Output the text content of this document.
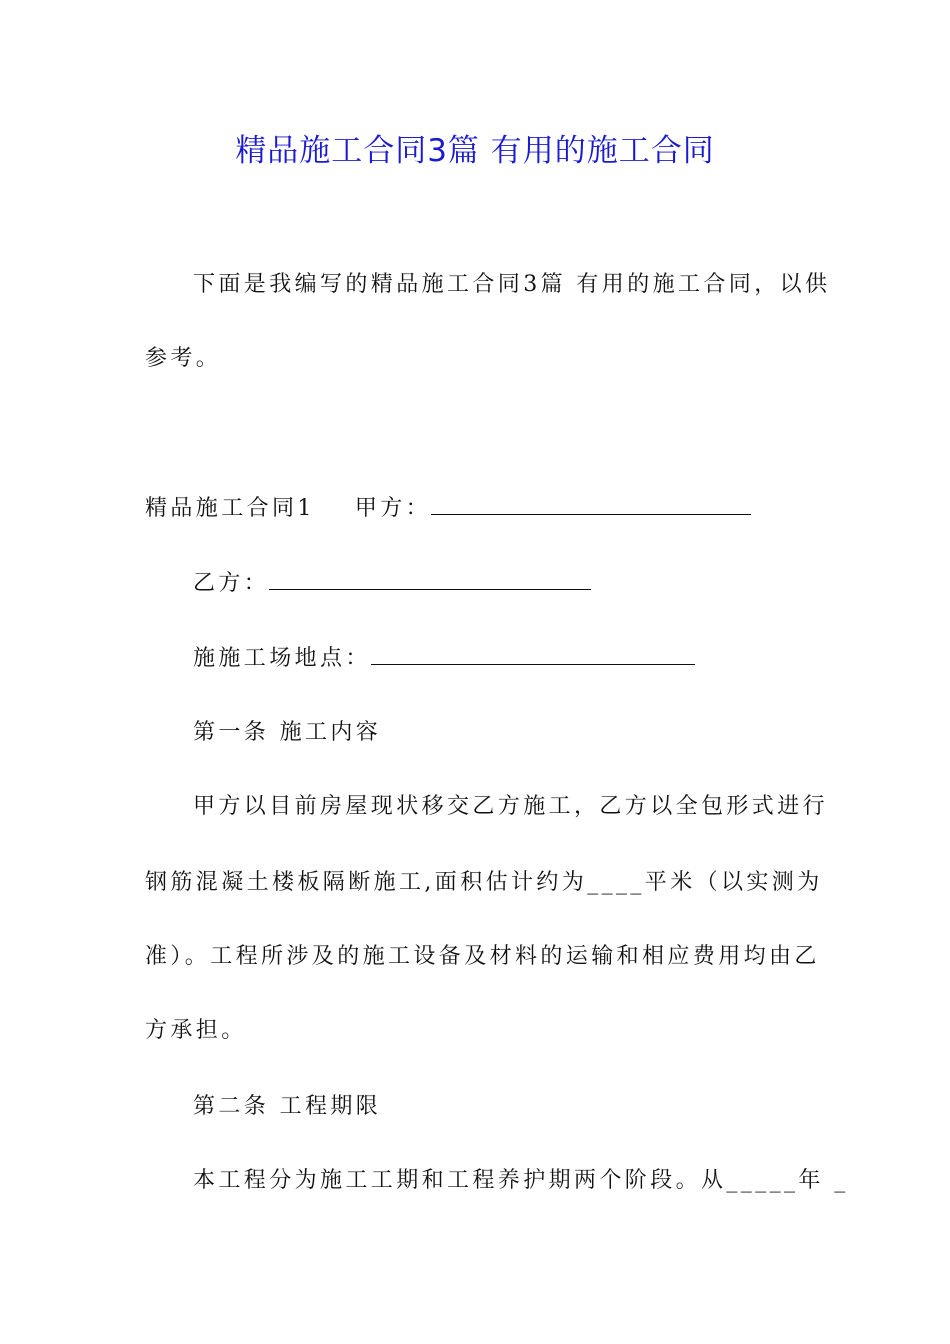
精品施工合同3篇 有用的施工合同
下面是我编写的精品施工合同3篇 有用的施工合同，以供
参考。
精品施工合同1 甲方：
乙方：
施施工场地点：
第一条 施工内容
甲方以目前房屋现状移交乙方施工，乙方以全包形式进行
钢筋混凝土楼板隔断施工,面积估计约为____平米（以实测为
准）。工程所涉及的施工设备及材料的运输和相应费用均由乙
方承担。
第二条 工程期限
本工程分为施工工期和工程养护期两个阶段。从_____年 _
